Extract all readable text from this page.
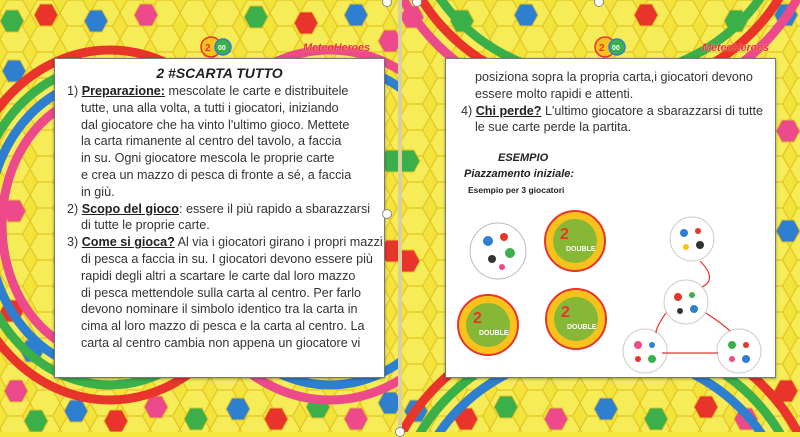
2 00	MeteoHeroes
2 #SCARTA TUTTO
1) Preparazione: mescolate le carte e distribuitele
tutte, una alla volta, a tutti i giocatori, iniziando
dal giocatore che ha vinto l'ultimo gioco. Mettete
la carta rimanente al centro del tavolo, a faccia
in su. Ogni giocatore mescola le proprie carte
e crea un mazzo di pesca di fronte a sé, a faccia
in giù.
2) Scopo del gioco: essere il più rapido a sbarazzarsi
di tutte le proprie carte.
3) Come si gioca? Al via i giocatori girano i propri mazzi
di pesca a faccia in su. I giocatori devono essere più
rapidi degli altri a scartare le carte dal loro mazzo
di pesca mettendole sulla carta al centro. Per farlo
devono nominare il simbolo identico tra la carta in
cima al loro mazzo di pesca e la carta al centro. La
carta al centro cambia non appena un giocatore vi
2 00	MeteoHeroes
posiziona sopra la propria carta,i giocatori devono
essere molto rapidi e attenti.
4) Chi perde? L'ultimo giocatore a sbarazzarsi di tutte
le sue carte perde la partita.
ESEMPIO
Piazzamento iniziale:
Esempio per 3 giocatori
2
DOUBLE
2
DOUBLE
2
DOUBLE
